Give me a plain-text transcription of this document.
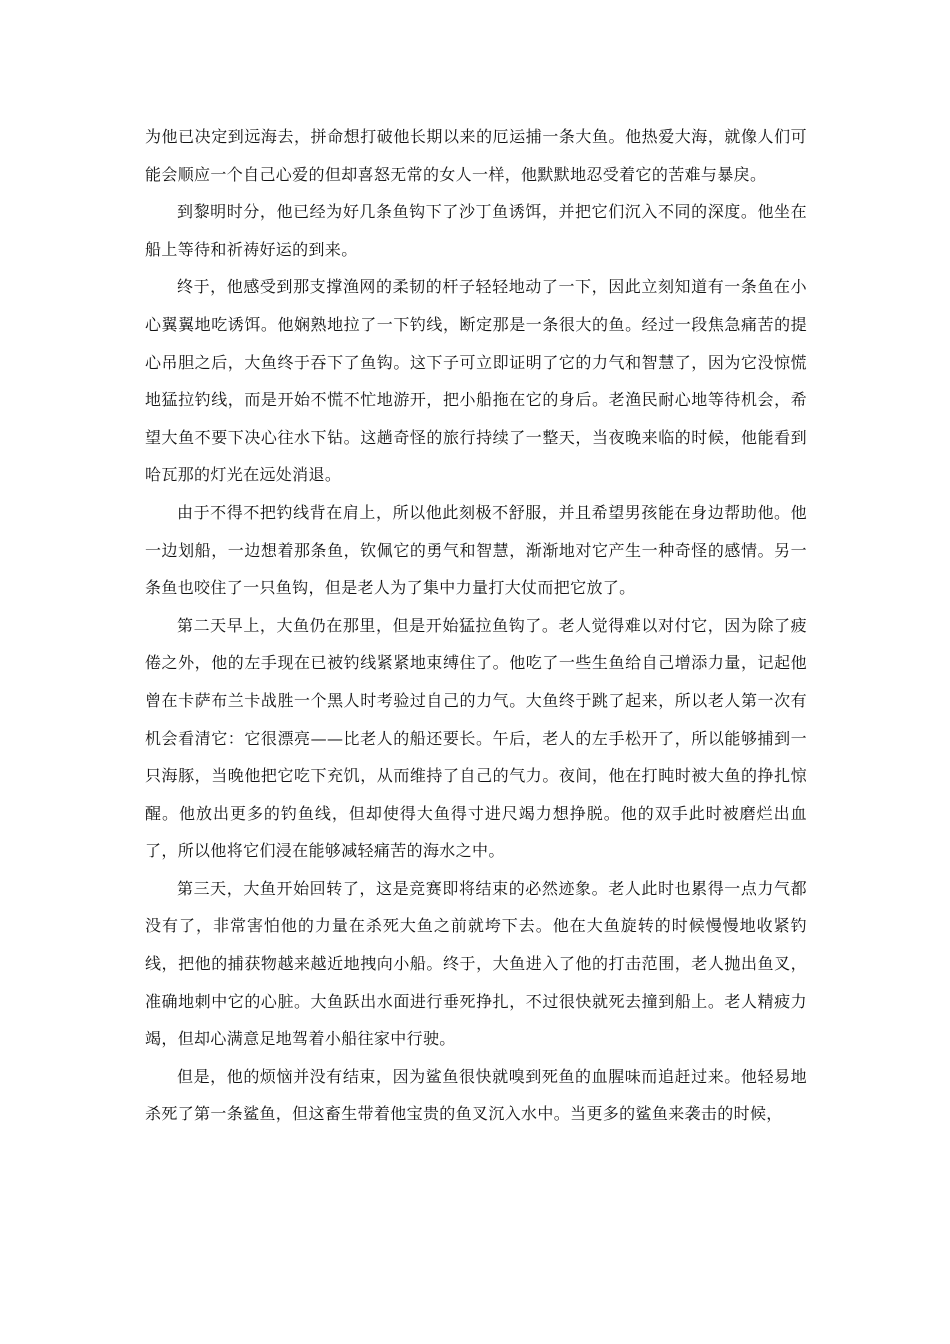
为他已决定到远海去，拼命想打破他长期以来的厄运捕一条大鱼。他热爱大海，就像人们可能会顺应一个自己心爱的但却喜怒无常的女人一样，他默默地忍受着它的苦难与暴戾。

到黎明时分，他已经为好几条鱼钩下了沙丁鱼诱饵，并把它们沉入不同的深度。他坐在船上等待和祈祷好运的到来。

终于，他感受到那支撑渔网的柔韧的杆子轻轻地动了一下，因此立刻知道有一条鱼在小心翼翼地吃诱饵。他娴熟地拉了一下钓线，断定那是一条很大的鱼。经过一段焦急痛苦的提心吊胆之后，大鱼终于吞下了鱼钩。这下子可立即证明了它的力气和智慧了，因为它没惊慌地猛拉钓线，而是开始不慌不忙地游开，把小船拖在它的身后。老渔民耐心地等待机会，希望大鱼不要下决心往水下钻。这趟奇怪的旅行持续了一整天，当夜晚来临的时候，他能看到哈瓦那的灯光在远处消退。

由于不得不把钓线背在肩上，所以他此刻极不舒服，并且希望男孩能在身边帮助他。他一边划船，一边想着那条鱼，钦佩它的勇气和智慧，渐渐地对它产生一种奇怪的感情。另一条鱼也咬住了一只鱼钩，但是老人为了集中力量打大仗而把它放了。

第二天早上，大鱼仍在那里，但是开始猛拉鱼钩了。老人觉得难以对付它，因为除了疲倦之外，他的左手现在已被钓线紧紧地束缚住了。他吃了一些生鱼给自己增添力量，记起他曾在卡萨布兰卡战胜一个黑人时考验过自己的力气。大鱼终于跳了起来，所以老人第一次有机会看清它：它很漂亮——比老人的船还要长。午后，老人的左手松开了，所以能够捕到一只海豚，当晚他把它吃下充饥，从而维持了自己的气力。夜间，他在打盹时被大鱼的挣扎惊醒。他放出更多的钓鱼线，但却使得大鱼得寸进尺竭力想挣脱。他的双手此时被磨烂出血了，所以他将它们浸在能够减轻痛苦的海水之中。

第三天，大鱼开始回转了，这是竞赛即将结束的必然迹象。老人此时也累得一点力气都没有了，非常害怕他的力量在杀死大鱼之前就垮下去。他在大鱼旋转的时候慢慢地收紧钓线，把他的捕获物越来越近地拽向小船。终于，大鱼进入了他的打击范围，老人抛出鱼叉，准确地刺中它的心脏。大鱼跃出水面进行垂死挣扎，不过很快就死去撞到船上。老人精疲力竭，但却心满意足地驾着小船往家中行驶。

但是，他的烦恼并没有结束，因为鲨鱼很快就嗅到死鱼的血腥味而追赶过来。他轻易地杀死了第一条鲨鱼，但这畜生带着他宝贵的鱼叉沉入水中。当更多的鲨鱼来袭击的时候，
